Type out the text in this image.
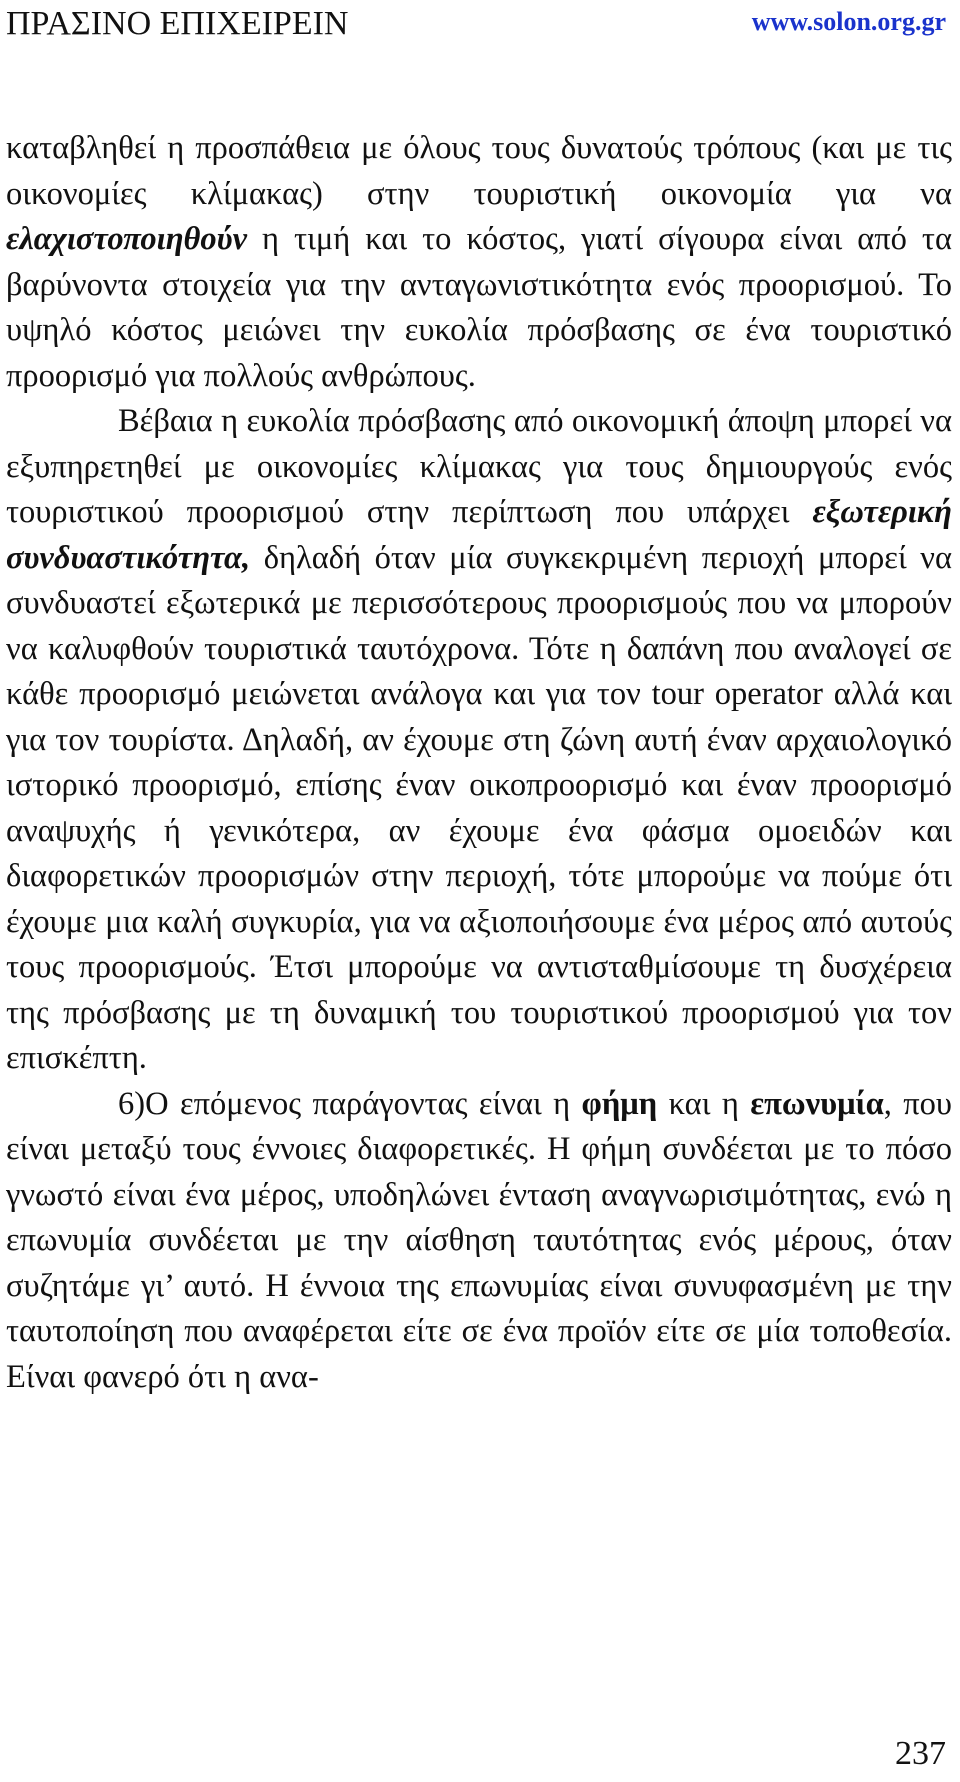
ΠΡΑΣΙΝΟ ΕΠΙΧΕΙΡΕΙΝ	www.solon.org.gr

καταβληθεί η προσπάθεια με όλους τους δυνατούς τρόπους (και με τις οικονομίες κλίμακας) στην τουριστική οικονομία για να ελαχιστοποιηθούν η τιμή και το κόστος, γιατί σίγουρα είναι από τα βαρύνοντα στοιχεία για την ανταγωνιστικότητα ενός προορισμού. Το υψηλό κόστος μειώνει την ευκολία πρόσβασης σε ένα τουριστικό προορισμό για πολλούς ανθρώπους.

Βέβαια η ευκολία πρόσβασης από οικονομική άποψη μπορεί να εξυπηρετηθεί με οικονομίες κλίμακας για τους δημιουργούς ενός τουριστικού προορισμού στην περίπτωση που υπάρχει εξωτερική συνδυαστικότητα, δηλαδή όταν μία συγκεκριμένη περιοχή μπορεί να συνδυαστεί εξωτερικά με περισσότερους προορισμούς που να μπορούν να καλυφθούν τουριστικά ταυτόχρονα. Τότε η δαπάνη που αναλογεί σε κάθε προορισμό μειώνεται ανάλογα και για τον tour operator αλλά και για τον τουρίστα. Δηλαδή, αν έχουμε στη ζώνη αυτή έναν αρχαιολογικό ιστορικό προορισμό, επίσης έναν οικοπροορισμό και έναν προορισμό αναψυχής ή γενικότερα, αν έχουμε ένα φάσμα ομοειδών και διαφορετικών προορισμών στην περιοχή, τότε μπορούμε να πούμε ότι έχουμε μια καλή συγκυρία, για να αξιοποιήσουμε ένα μέρος από αυτούς τους προορισμούς. Έτσι μπορούμε να αντισταθμίσουμε τη δυσχέρεια της πρόσβασης με τη δυναμική του τουριστικού προορισμού για τον επισκέπτη.

6)Ο επόμενος παράγοντας είναι η φήμη και η επωνυμία, που είναι μεταξύ τους έννοιες διαφορετικές. Η φήμη συνδέεται με το πόσο γνωστό είναι ένα μέρος, υποδηλώνει ένταση αναγνωρισιμότητας, ενώ η επωνυμία συνδέεται με την αίσθηση ταυτότητας ενός μέρους, όταν συζητάμε γι’ αυτό. Η έννοια της επωνυμίας είναι συνυφασμένη με την ταυτοποίηση που αναφέρεται είτε σε ένα προϊόν είτε σε μία τοποθεσία. Είναι φανερό ότι η ανα-

237
